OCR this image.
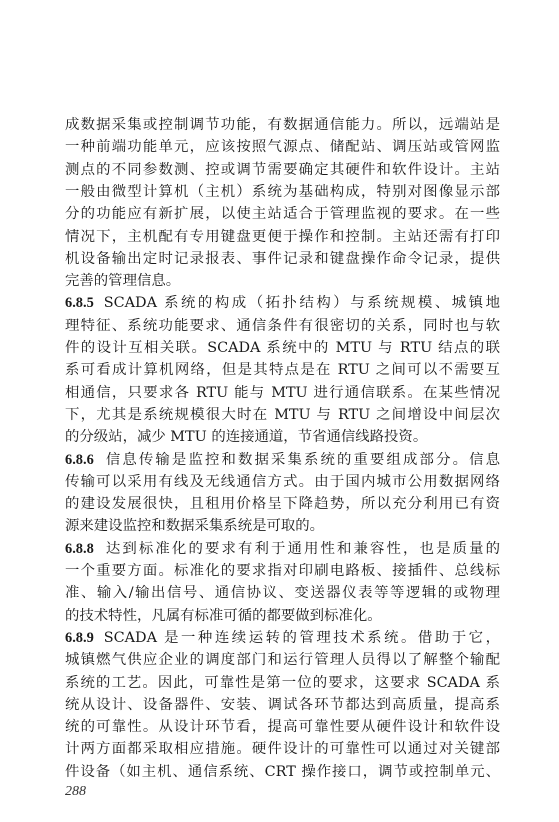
成数据采集或控制调节功能，有数据通信能力。所以，远端站是
一种前端功能单元，应该按照气源点、储配站、调压站或管网监
测点的不同参数测、控或调节需要确定其硬件和软件设计。主站
一般由微型计算机（主机）系统为基础构成，特别对图像显示部
分的功能应有新扩展，以使主站适合于管理监视的要求。在一些
情况下，主机配有专用键盘更便于操作和控制。主站还需有打印
机设备输出定时记录报表、事件记录和键盘操作命令记录，提供
完善的管理信息。
6.8.5 SCADA 系统的构成（拓扑结构）与系统规模、城镇地
理特征、系统功能要求、通信条件有很密切的关系，同时也与软
件的设计互相关联。SCADA 系统中的 MTU 与 RTU 结点的联
系可看成计算机网络，但是其特点是在 RTU 之间可以不需要互
相通信，只要求各 RTU 能与 MTU 进行通信联系。在某些情况
下，尤其是系统规模很大时在 MTU 与 RTU 之间增设中间层次
的分级站，减少 MTU 的连接通道，节省通信线路投资。
6.8.6 信息传输是监控和数据采集系统的重要组成部分。信息
传输可以采用有线及无线通信方式。由于国内城市公用数据网络
的建设发展很快，且租用价格呈下降趋势，所以充分利用已有资
源来建设监控和数据采集系统是可取的。
6.8.8 达到标准化的要求有利于通用性和兼容性，也是质量的
一个重要方面。标准化的要求指对印刷电路板、接插件、总线标
准、输入/输出信号、通信协议、变送器仪表等等逻辑的或物理
的技术特性，凡属有标准可循的都要做到标准化。
6.8.9 SCADA 是一种连续运转的管理技术系统。借助于它，
城镇燃气供应企业的调度部门和运行管理人员得以了解整个输配
系统的工艺。因此，可靠性是第一位的要求，这要求 SCADA 系
统从设计、设备器件、安装、调试各环节都达到高质量，提高系
统的可靠性。从设计环节看，提高可靠性要从硬件设计和软件设
计两方面都采取相应措施。硬件设计的可靠性可以通过对关键部
件设备（如主机、通信系统、CRT 操作接口，调节或控制单元、
288
